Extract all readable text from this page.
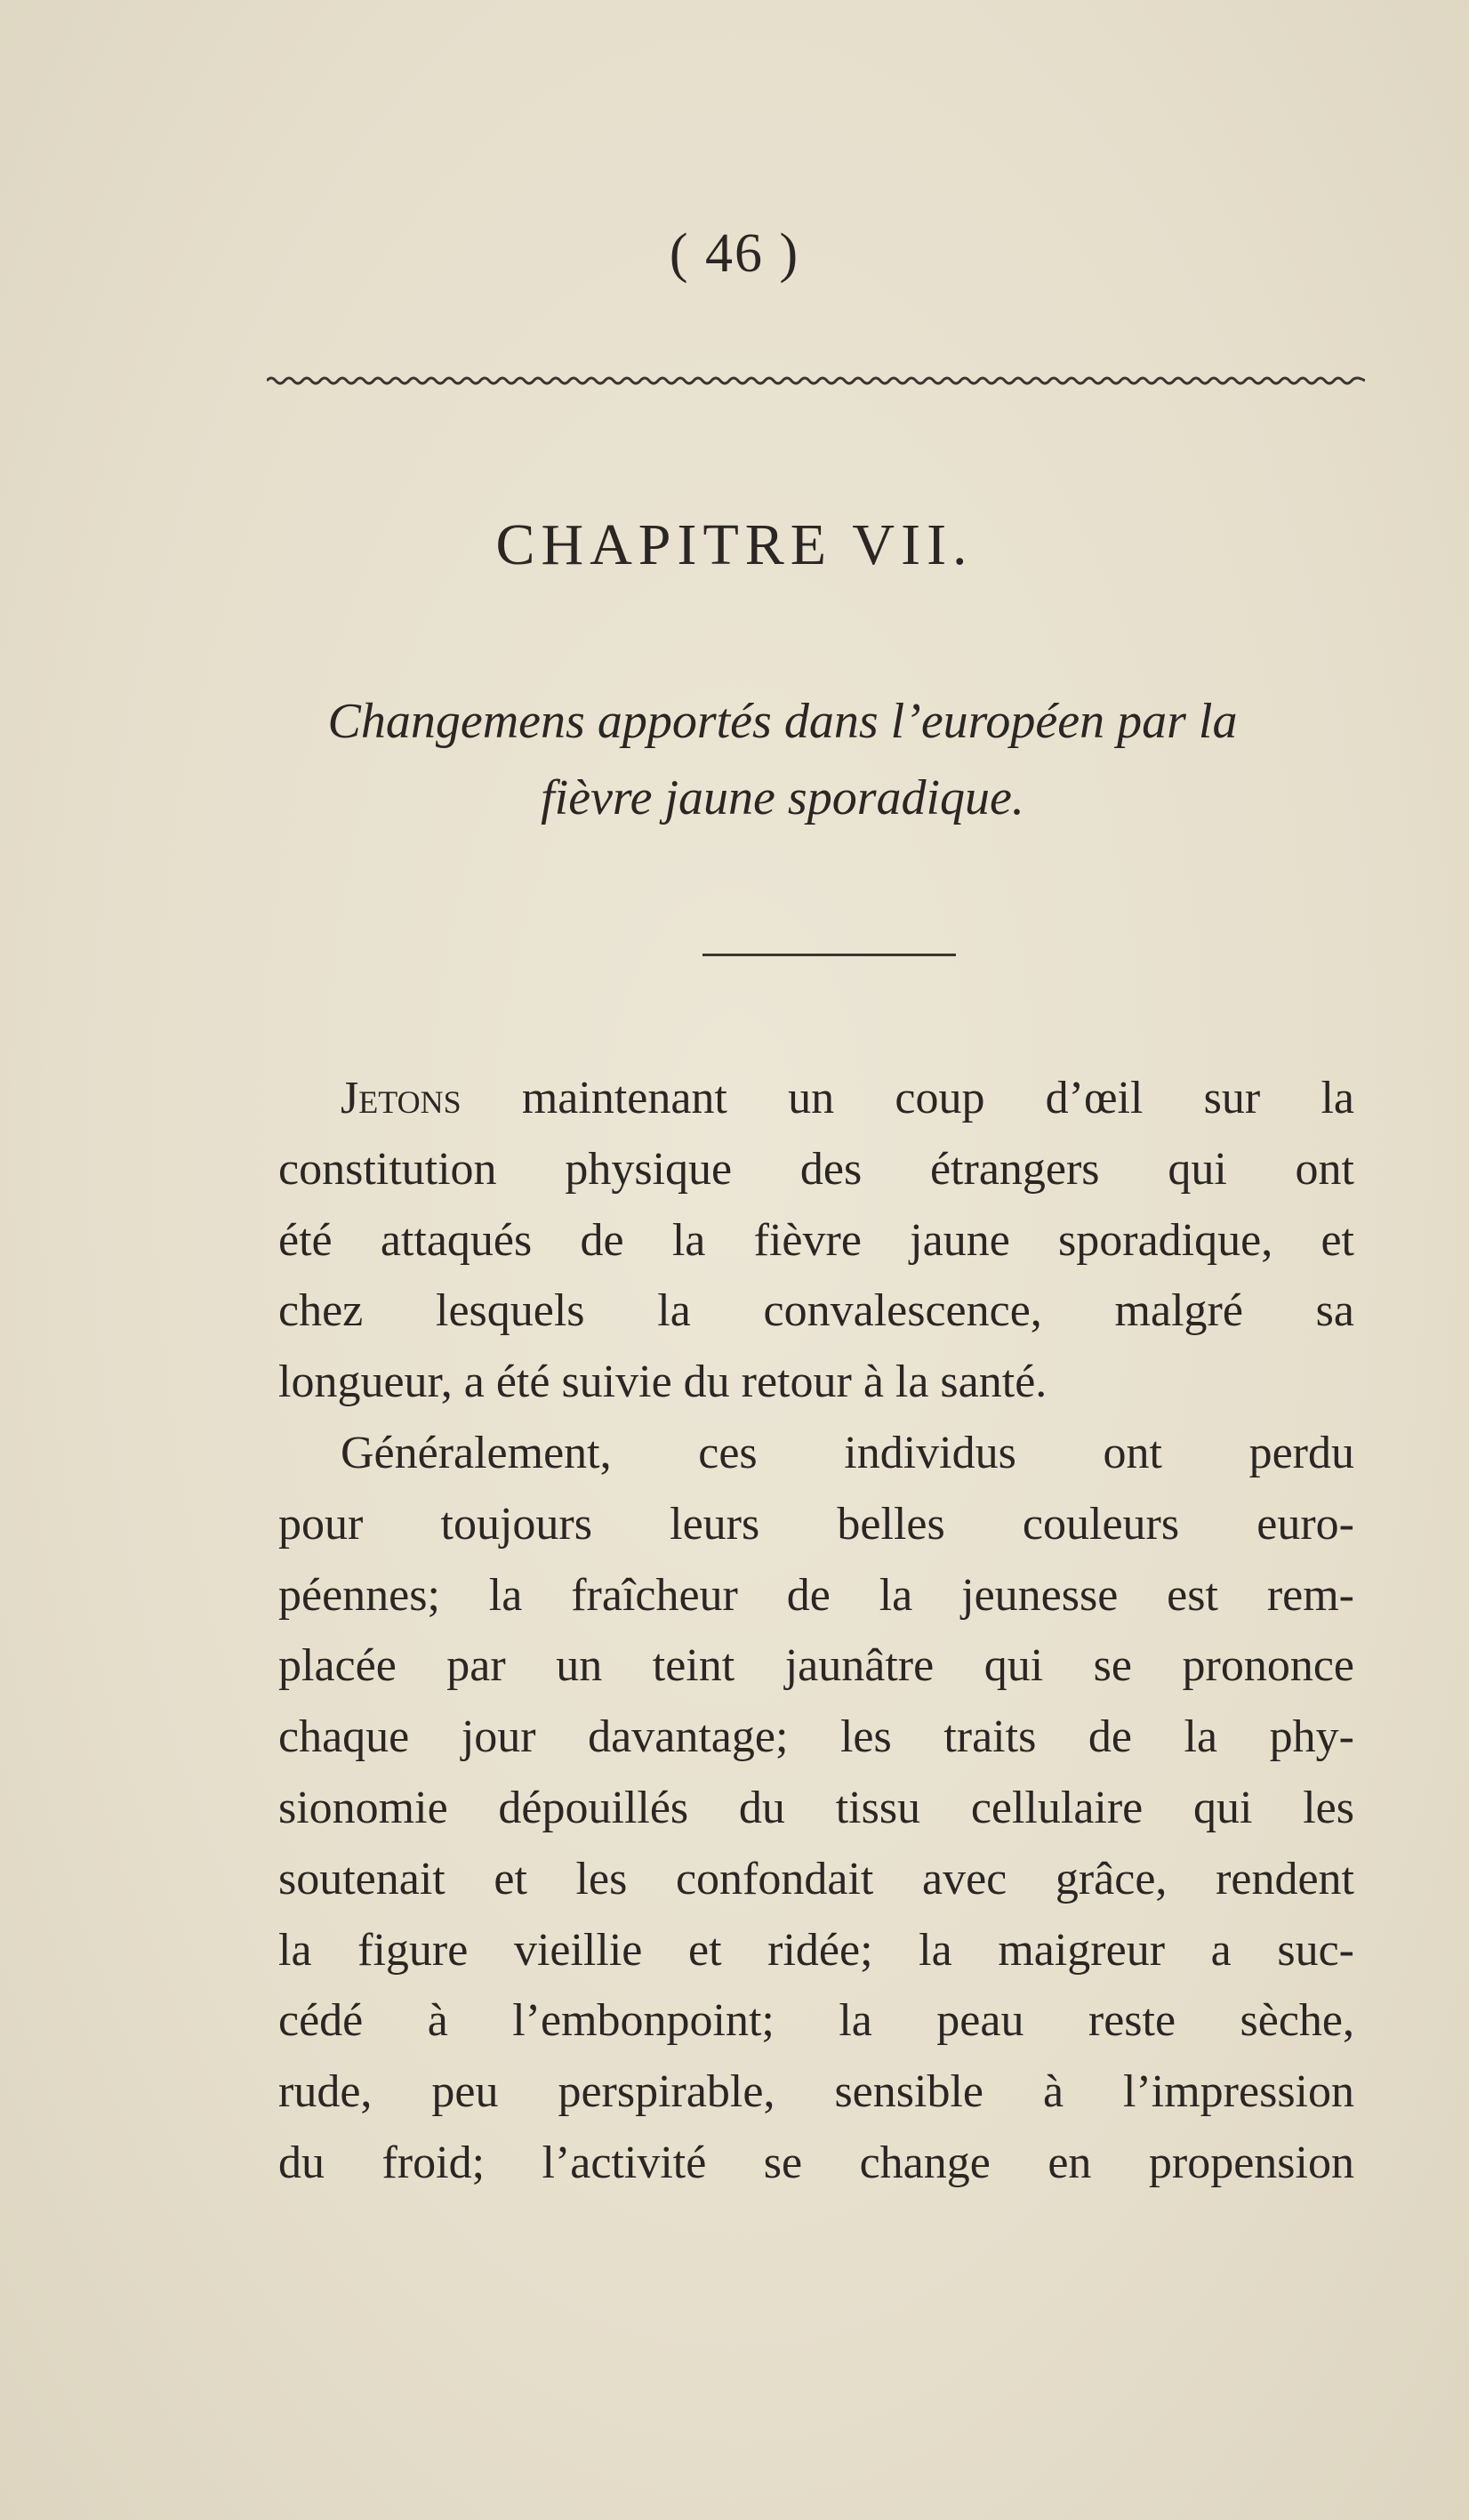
( 46 )
CHAPITRE VII.
Changemens apportés dans l’européen par la
fièvre jaune sporadique.
Jetons maintenant un coup d’œil sur la
constitution physique des étrangers qui ont
été attaqués de la fièvre jaune sporadique, et
chez lesquels la convalescence, malgré sa
longueur, a été suivie du retour à la santé.
Généralement, ces individus ont perdu
pour toujours leurs belles couleurs euro-
péennes; la fraîcheur de la jeunesse est rem-
placée par un teint jaunâtre qui se prononce
chaque jour davantage; les traits de la phy-
sionomie dépouillés du tissu cellulaire qui les
soutenait et les confondait avec grâce, rendent
la figure vieillie et ridée; la maigreur a suc-
cédé à l’embonpoint; la peau reste sèche,
rude, peu perspirable, sensible à l’impression
du froid; l’activité se change en propension
